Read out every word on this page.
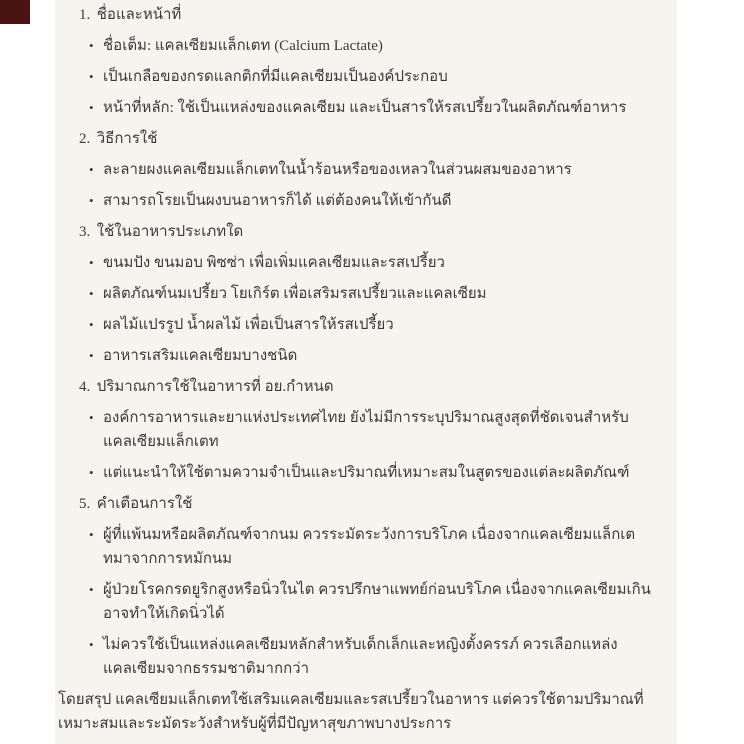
1. ชื่อและหน้าที่
•
ชื่อเต็ม: แคลเซียมแล็กเตท (Calcium Lactate)
•
เป็นเกลือของกรดแลกติกที่มีแคลเซียมเป็นองค์ประกอบ
•
หน้าที่หลัก: ใช้เป็นแหล่งของแคลเซียม และเป็นสารให้รสเปรี้ยวในผลิตภัณฑ์อาหาร
2. วิธีการใช้
•
ละลายผงแคลเซียมแล็กเตทในน้ำร้อนหรือของเหลวในส่วนผสมของอาหาร
•
สามารถโรยเป็นผงบนอาหารก็ได้ แต่ต้องคนให้เข้ากันดี
3. ใช้ในอาหารประเภทใด
•
ขนมปัง ขนมอบ พิซซ่า เพื่อเพิ่มแคลเซียมและรสเปรี้ยว
•
ผลิตภัณฑ์นมเปรี้ยว โยเกิร์ต เพื่อเสริมรสเปรี้ยวและแคลเซียม
•
ผลไม้แปรรูป น้ำผลไม้ เพื่อเป็นสารให้รสเปรี้ยว
•
อาหารเสริมแคลเซียมบางชนิด
4. ปริมาณการใช้ในอาหารที่ อย.กำหนด
•
องค์การอาหารและยาแห่งประเทศไทย ยังไม่มีการระบุปริมาณสูงสุดที่ชัดเจนสำหรับแคลเซียมแล็กเตท
•
แต่แนะนำให้ใช้ตามความจำเป็นและปริมาณที่เหมาะสมในสูตรของแต่ละผลิตภัณฑ์
5. คำเตือนการใช้
•
ผู้ที่แพ้นมหรือผลิตภัณฑ์จากนม ควรระมัดระวังการบริโภค เนื่องจากแคลเซียมแล็กเตทมาจากการหมักนม
•
ผู้ป่วยโรคกรดยูริกสูงหรือนิ่วในไต ควรปรึกษาแพทย์ก่อนบริโภค เนื่องจากแคลเซียมเกินอาจทำให้เกิดนิ่วได้
•
ไม่ควรใช้เป็นแหล่งแคลเซียมหลักสำหรับเด็กเล็กและหญิงตั้งครรภ์ ควรเลือกแหล่งแคลเซียมจากธรรมชาติมากกว่า
โดยสรุป แคลเซียมแล็กเตทใช้เสริมแคลเซียมและรสเปรี้ยวในอาหาร แต่ควรใช้ตามปริมาณที่เหมาะสมและระมัดระวังสำหรับผู้ที่มีปัญหาสุขภาพบางประการ
